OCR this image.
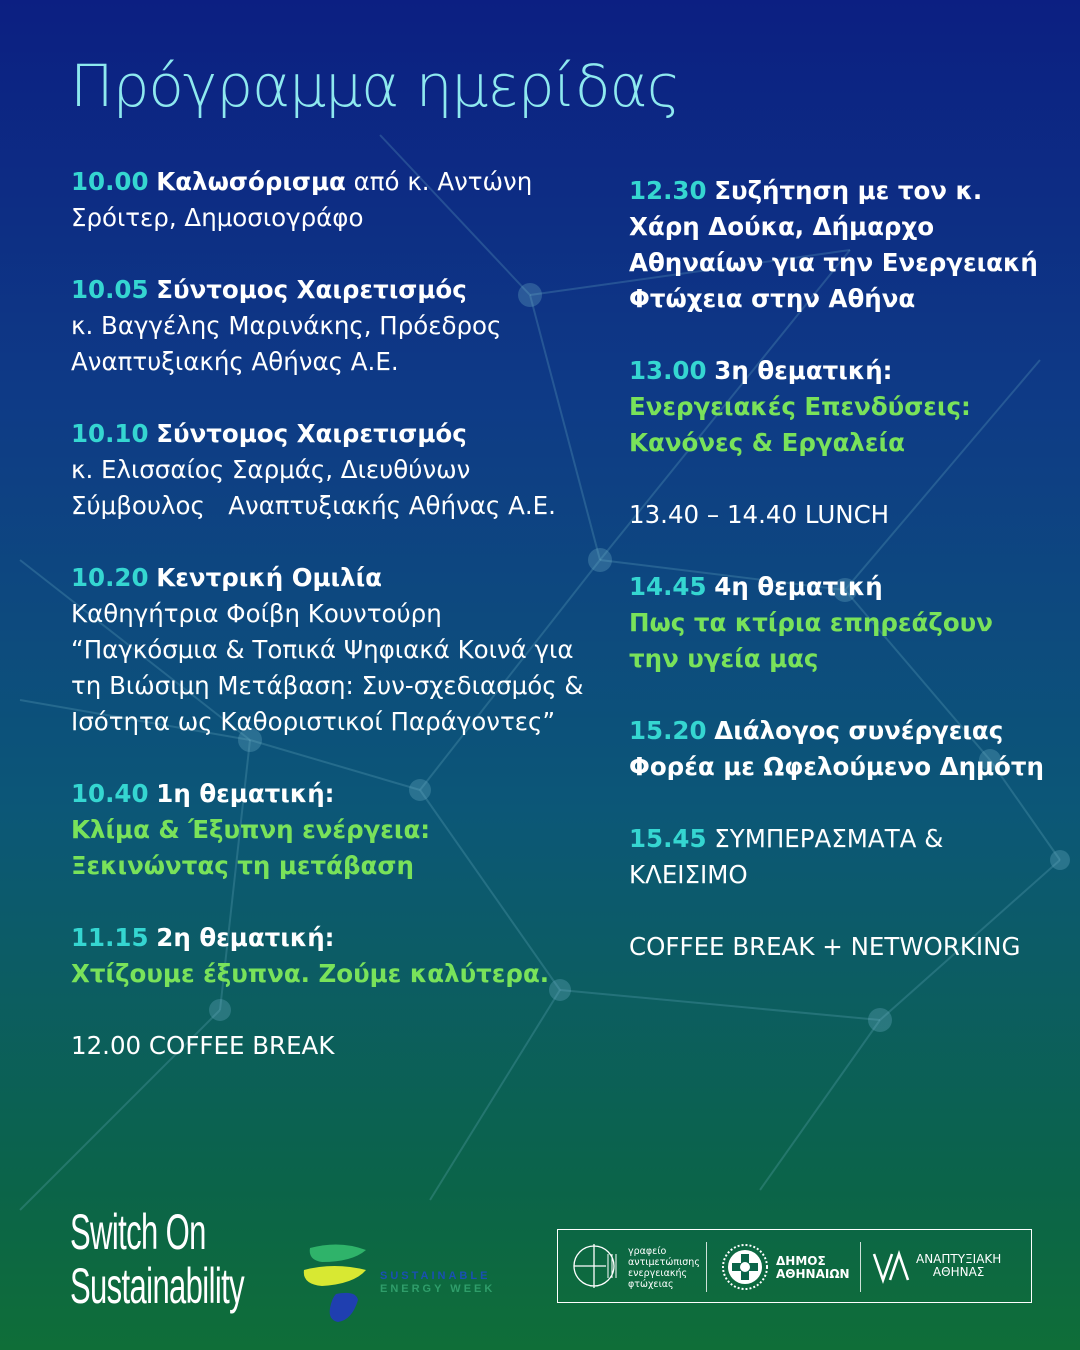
Πρόγραμμα ημερίδας

10.00 Καλωσόρισμα από κ. Αντώνη Σρόιτερ, Δημοσιογράφο

10.05 Σύντομος Χαιρετισμός
κ. Βαγγέλης Μαρινάκης, Πρόεδρος Αναπτυξιακής Αθήνας Α.Ε.

10.10 Σύντομος Χαιρετισμός
κ. Ελισσαίος Σαρμάς, Διευθύνων Σύμβουλος   Αναπτυξιακής Αθήνας Α.Ε.

10.20 Κεντρική Ομιλία
Καθηγήτρια Φοίβη Κουντούρη “Παγκόσμια & Τοπικά Ψηφιακά Κοινά για τη Βιώσιμη Μετάβαση: Συν-σχεδιασμός & Ισότητα ως Καθοριστικοί Παράγοντες”

10.40 1η θεματική:
Κλίμα & Έξυπνη ενέργεια: Ξεκινώντας τη μετάβαση

11.15 2η θεματική:
Χτίζουμε έξυπνα. Ζούμε καλύτερα.

12.00 COFFEE BREAK

12.30 Συζήτηση με τον κ. Χάρη Δούκα, Δήμαρχο Αθηναίων για την Ενεργειακή Φτώχεια στην Αθήνα

13.00 3η θεματική:
Ενεργειακές Επενδύσεις: Κανόνες & Εργαλεία

13.40 – 14.40 LUNCH

14.45 4η θεματική
Πως τα κτίρια επηρεάζουν την υγεία μας

15.20 Διάλογος συνέργειας Φορέα με Ωφελούμενο Δημότη

15.45 ΣΥΜΠΕΡΑΣΜΑΤΑ & ΚΛΕΙΣΙΜΟ

COFFEE BREAK + NETWORKING

Switch On
Sustainability	SUSTAINABLE
ENERGY WEEK
γραφείο
αντιμετώπισης
ενεργειακής
φτώχειας
ΔΗΜΟΣ
ΑΘΗΝΑΙΩΝ
ΑΝΑΠΤΥΞΙΑΚΗ
ΑΘΗΝΑΣ
